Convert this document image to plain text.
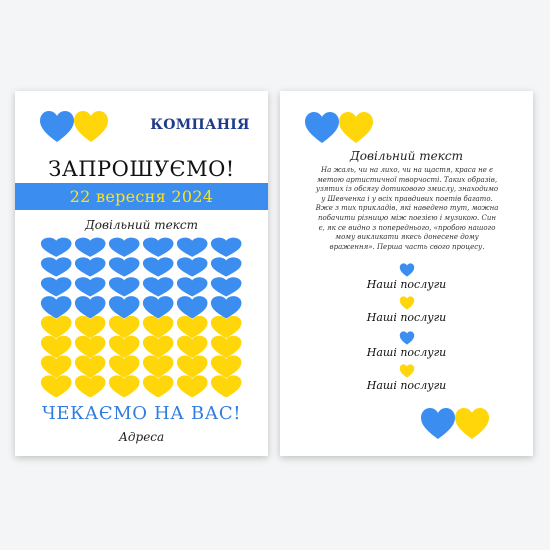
КОМПАНІЯ
ЗАПРОШУЄМО!
22 вересня 2024
Довільний текст
ЧЕКАЄМО НА ВАС!
Адреса
Довільний текст
На жаль, чи на лихо, чи на щастя, краса не є метою артистичної творчості. Таких образів, узятих із обсягу дотикового змислу, знаходимо у Шевченка і у всіх правдивих поетів багато. Вже з тих прикладів, які наведено тут, можна побачити різницю між поезією і музикою. Син є, як се видно з попереднього, «пробою нашого мому викликати якесь донесене дому враження». Перша часть свого процесу.
Наші послуги
Наші послуги
Наші послуги
Наші послуги
